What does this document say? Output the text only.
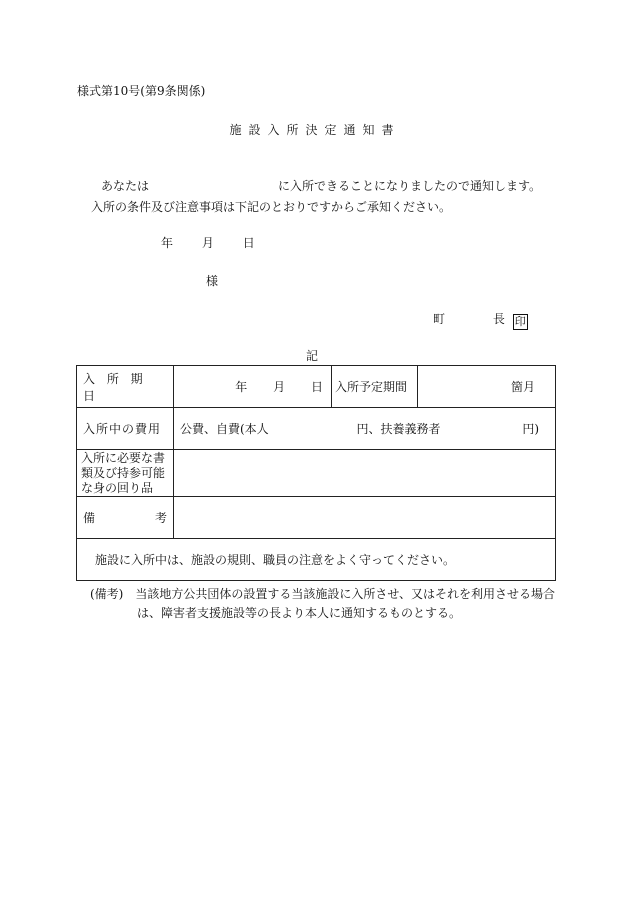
様式第10号(第9条関係)
施設入所決定通知書
あなたは	に入所できることになりましたので通知します。
入所の条件及び注意事項は下記のとおりですからご承知ください。
年 月 日
様
町	長 印
記
入 所 期 日	年 月 日	入所予定期間	箇月
入所中の費用	公費、自費(本人 円、扶養義務者 円)		

入所に必要な書
類及び持参可能
な身の回り品			

備 考			

施設に入所中は、施設の規則、職員の注意をよく守ってください。			
(備考)　当該地方公共団体の設置する当該施設に入所させ、又はそれを利用させる場合
は、障害者支援施設等の長より本人に通知するものとする。
